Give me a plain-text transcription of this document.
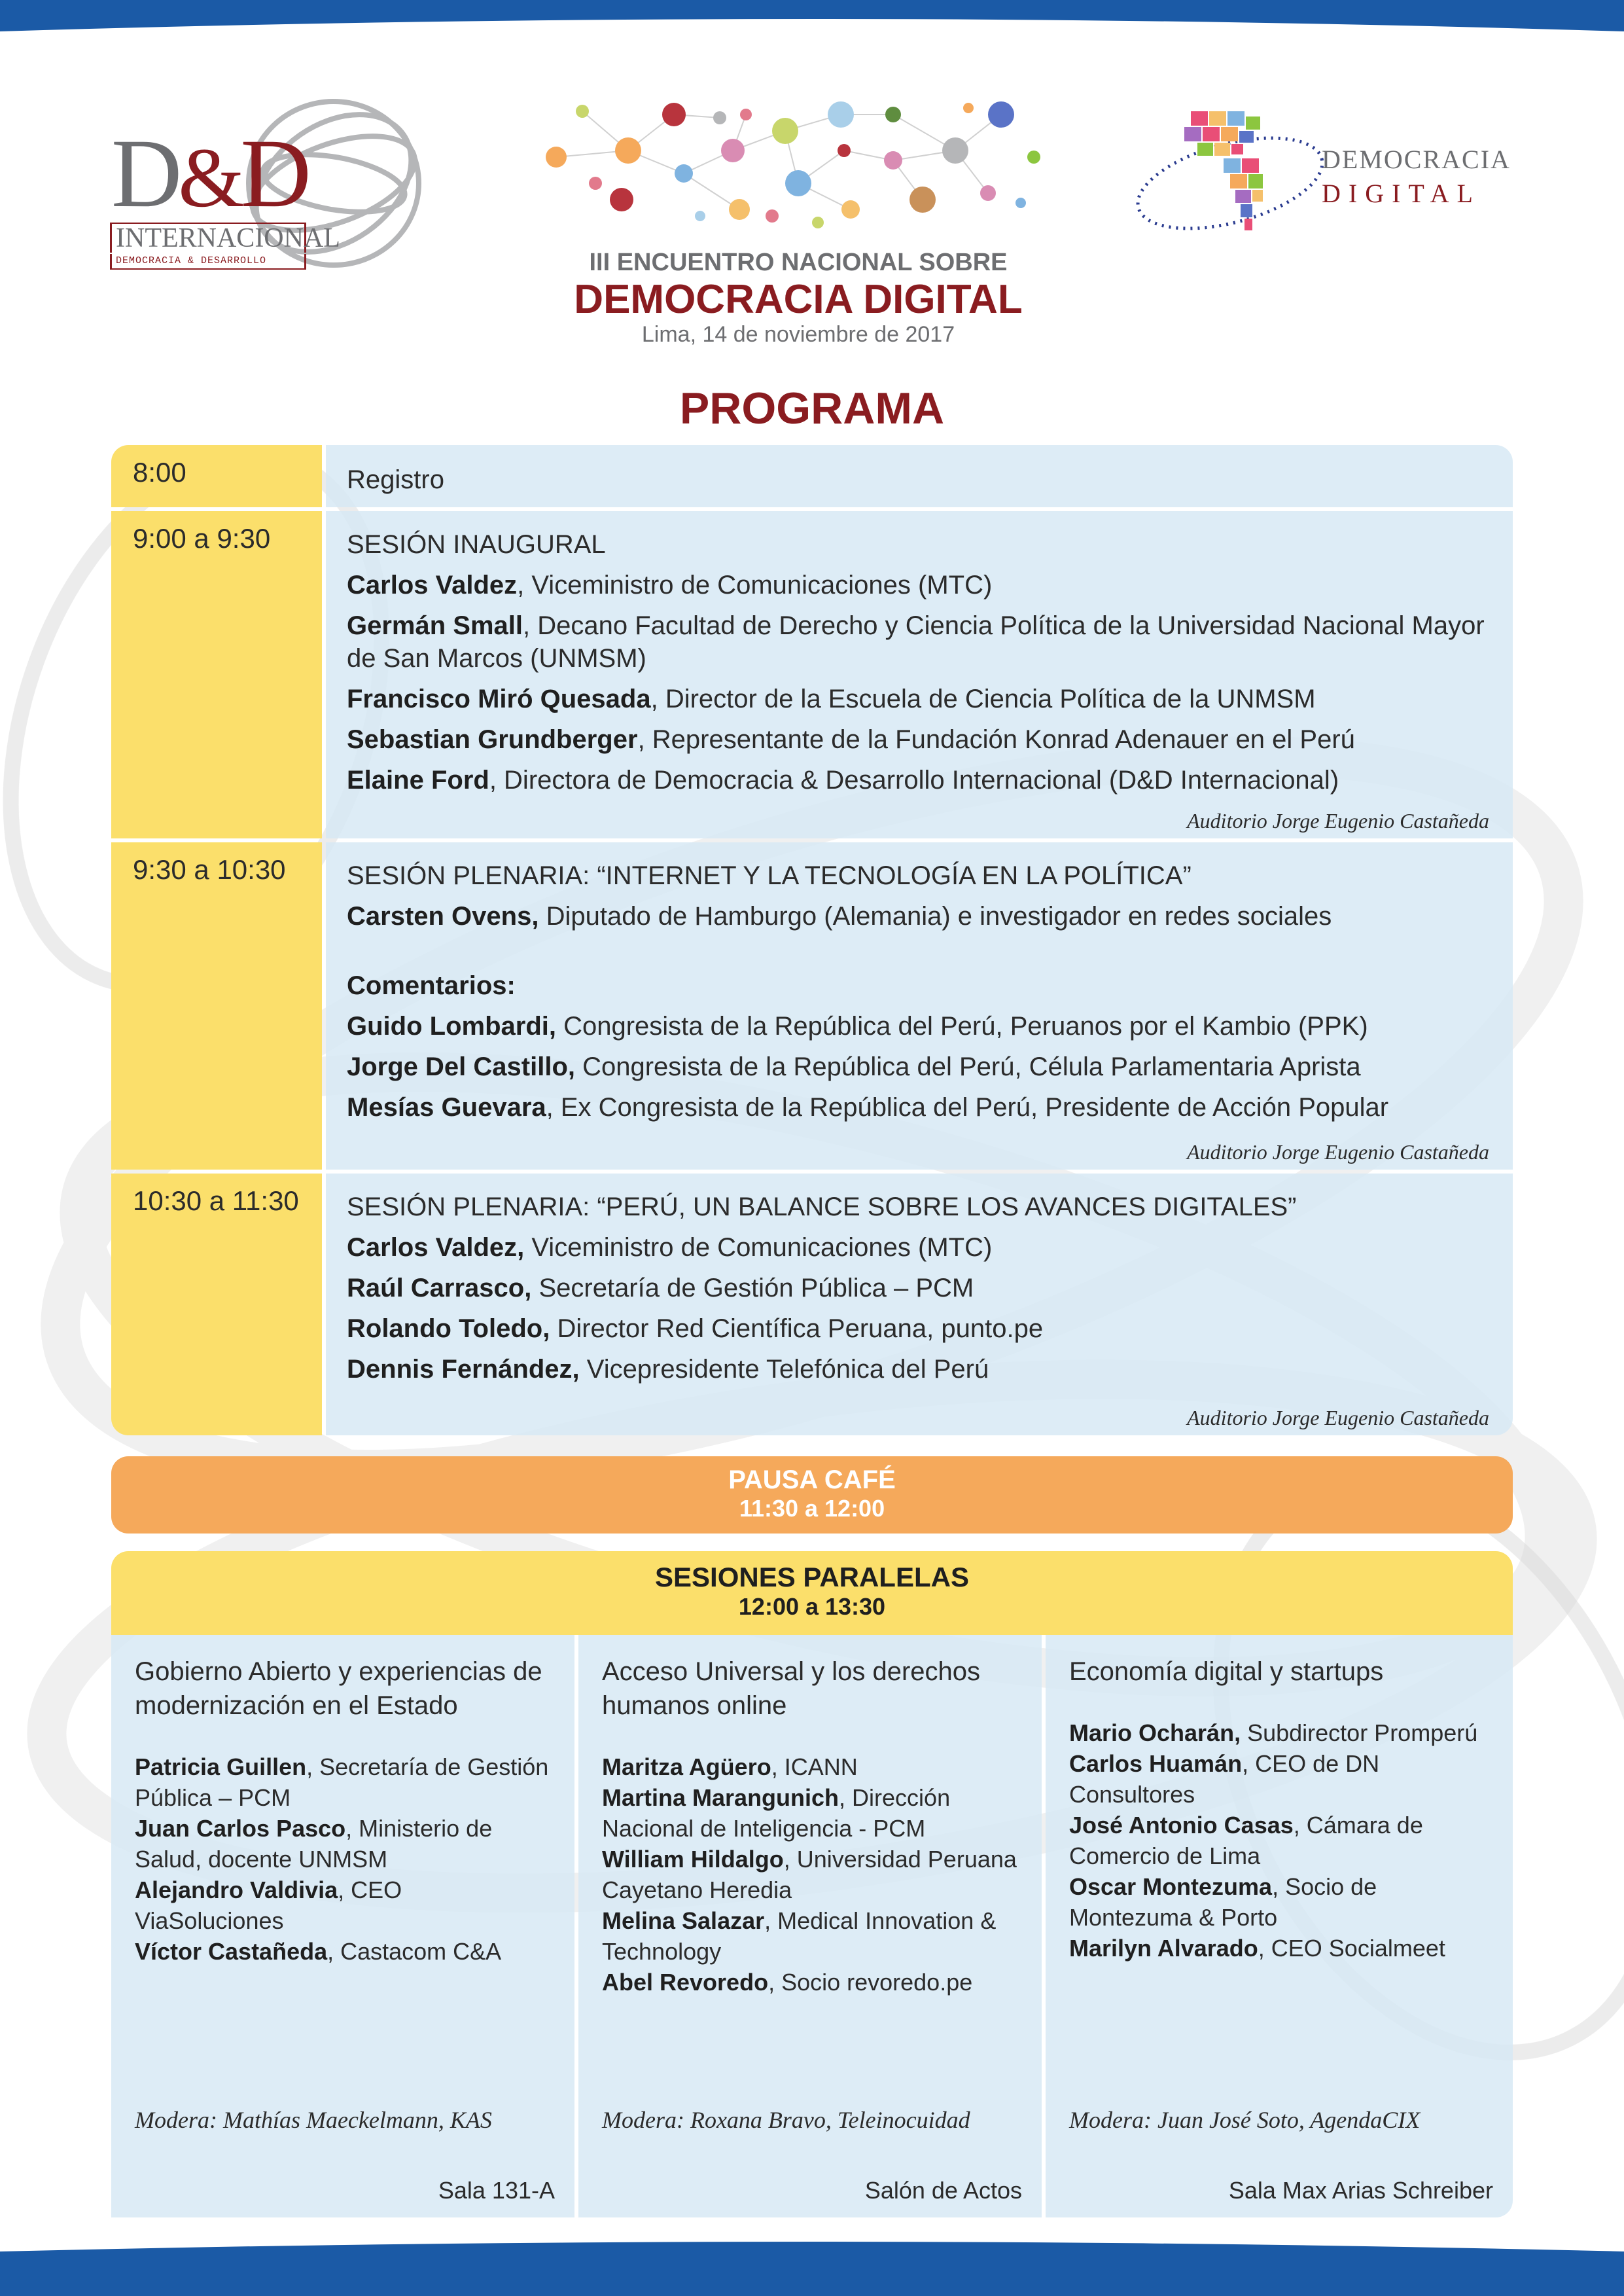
D&D
INTERNACIONAL
DEMOCRACIA & DESARROLLO	III ENCUENTRO NACIONAL SOBRE
DEMOCRACIA DIGITAL
Lima, 14 de noviembre de 2017
DEMOCRACIA
DIGITAL
PROGRAMA
8:00	Registro
9:00 a 9:30	SESIÓN INAUGURAL
Carlos Valdez, Viceministro de Comunicaciones (MTC)
Germán Small, Decano Facultad de Derecho y Ciencia Política de la Universidad Nacional Mayor de San Marcos (UNMSM)
Francisco Miró Quesada, Director de la Escuela de Ciencia Política de la UNMSM
Sebastian Grundberger, Representante de la Fundación Konrad Adenauer en el Perú
Elaine Ford, Directora de Democracia & Desarrollo Internacional (D&D Internacional)
Auditorio Jorge Eugenio Castañeda
9:30 a 10:30	SESIÓN PLENARIA: “INTERNET Y LA TECNOLOGÍA EN LA POLÍTICA”
Carsten Ovens, Diputado de Hamburgo (Alemania) e investigador en redes sociales
Comentarios:
Guido Lombardi, Congresista de la República del Perú, Peruanos por el Kambio (PPK)
Jorge Del Castillo, Congresista de la República del Perú, Célula Parlamentaria Aprista
Mesías Guevara, Ex Congresista de la República del Perú, Presidente de Acción Popular
Auditorio Jorge Eugenio Castañeda
10:30 a 11:30	SESIÓN PLENARIA: “PERÚ, UN BALANCE SOBRE LOS AVANCES DIGITALES”
Carlos Valdez, Viceministro de Comunicaciones (MTC)
Raúl Carrasco, Secretaría de Gestión Pública – PCM
Rolando Toledo, Director Red Científica Peruana, punto.pe
Dennis Fernández, Vicepresidente Telefónica del Perú
Auditorio Jorge Eugenio Castañeda
PAUSA CAFÉ
11:30 a 12:00
SESIONES PARALELAS
12:00 a 13:30
Gobierno Abierto y experiencias de modernización en el Estado
Patricia Guillen, Secretaría de Gestión Pública – PCM
Juan Carlos Pasco, Ministerio de Salud, docente UNMSM
Alejandro Valdivia, CEO ViaSoluciones
Víctor Castañeda, Castacom C&A
Modera: Mathías Maeckelmann, KAS
Sala 131-A
Acceso Universal y los derechos humanos online
Maritza Agüero, ICANN
Martina Marangunich, Dirección Nacional de Inteligencia - PCM
William Hildalgo, Universidad Peruana Cayetano Heredia
Melina Salazar, Medical Innovation & Technology
Abel Revoredo, Socio revoredo.pe
Modera: Roxana Bravo, Teleinocuidad
Salón de Actos
Economía digital y startups
Mario Ocharán, Subdirector Promperú
Carlos Huamán, CEO de DN Consultores
José Antonio Casas, Cámara de Comercio de Lima
Oscar Montezuma, Socio de Montezuma & Porto
Marilyn Alvarado, CEO Socialmeet
Modera: Juan José Soto, AgendaCIX
Sala Max Arias Schreiber
